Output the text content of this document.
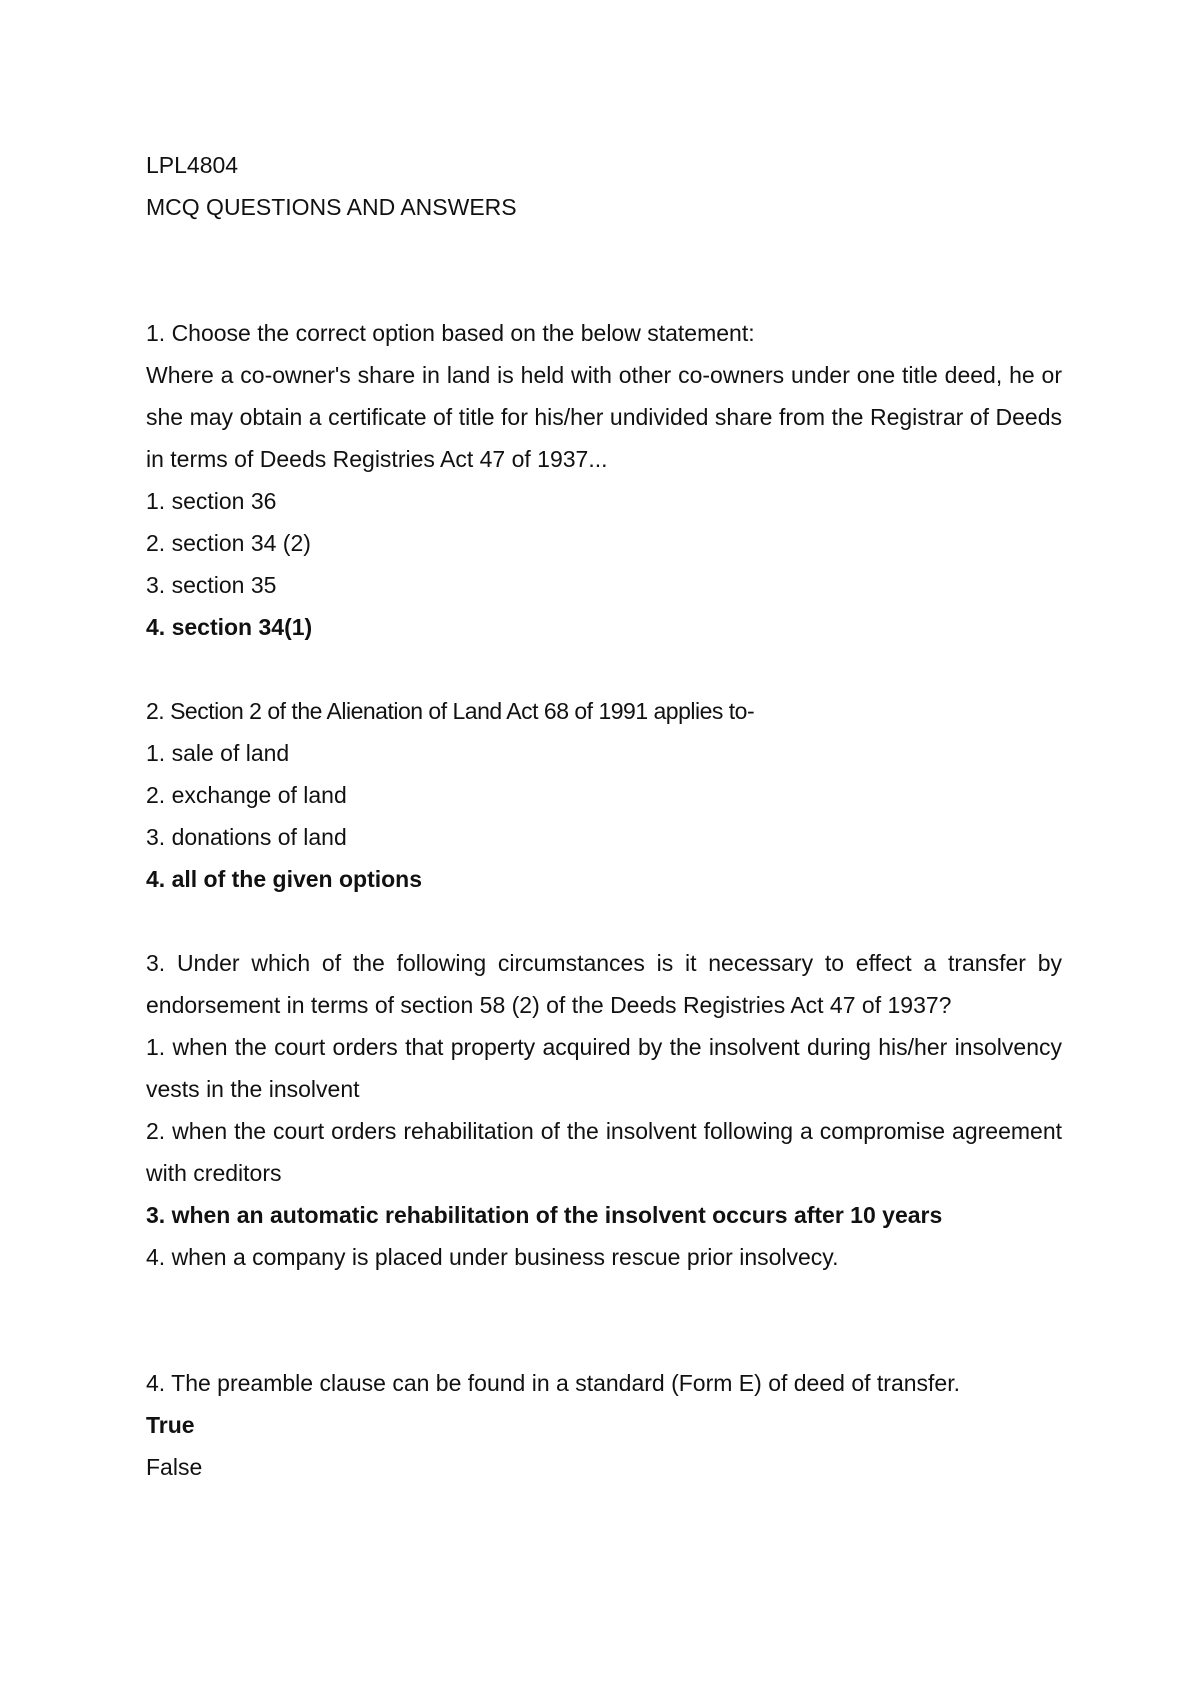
LPL4804

MCQ QUESTIONS AND ANSWERS

1. Choose the correct option based on the below statement:

Where a co-owner's share in land is held with other co-owners under one title deed, he or she may obtain a certificate of title for his/her undivided share from the Registrar of Deeds in terms of Deeds Registries Act 47 of 1937...

1. section 36

2. section 34 (2)

3. section 35

4. section 34(1)

2. Section 2 of the Alienation of Land Act 68 of 1991 applies to-

1. sale of land

2. exchange of land

3. donations of land

4. all of the given options

3. Under which of the following circumstances is it necessary to effect a transfer by endorsement in terms of section 58 (2) of the Deeds Registries Act 47 of 1937?

1. when the court orders that property acquired by the insolvent during his/her insolvency vests in the insolvent

2. when the court orders rehabilitation of the insolvent following a compromise agreement with creditors

3. when an automatic rehabilitation of the insolvent occurs after 10 years

4. when a company is placed under business rescue prior insolvecy.

4. The preamble clause can be found in a standard (Form E) of deed of transfer.

True

False
